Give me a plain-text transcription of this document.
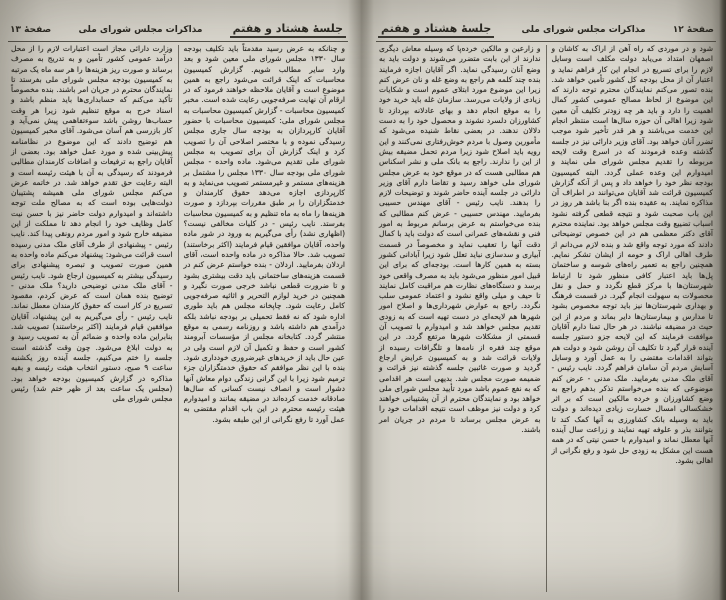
صفحهٔ ۱۲
مذاکرات مجلس شورای ملی
جلسهٔ هشتاد و هفتم
شود و در موردی که راه آهن از اراک به کاشان و اصفهان امتداد می‌یابد دولت مکلف است وسایل لازم را برای تسریع در انجام این کار فراهم نماید و اعتبار آن از محل بودجه کل کشور تأمین خواهد شد. بنده تصور می‌کنم نمایندگان محترم توجه دارند که این موضوع از لحاظ مصالح عمومی کشور کمال اهمیت را دارد و باید هر چه زودتر تکلیف آن معین شود زیرا اهالی آن حوزه سال‌ها است منتظر انجام این خدمت می‌باشند و هر قدر تأخیر شود موجب تضرر آنان خواهد بود. آقای وزیر دارائی نیز در جلسه گذشته وعده فرمودند که در اسرع وقت لایحه مربوطه را تقدیم مجلس شورای ملی نمایند و امیدوارم این وعده عملی گردد. البته کمیسیون بودجه نظر خود را خواهد داد و پس از آنکه گزارش کمیسیون قرائت شد آقایان می‌توانند در اطراف آن مذاکره نمایند. به عقیده بنده اگر بنا باشد هر روز در این باب صحبت شود و نتیجه قطعی گرفته نشود اسباب تضییع وقت مجلس خواهد بود. نماینده محترم آقای دکتر معظمی هم در این خصوص توضیحاتی دادند که مورد توجه واقع شد و بنده لازم می‌دانم از طرف اهالی اراک و حومه از ایشان تشکر نمایم. همچنین راجع به تعمیر راه‌های شوسه و ساختمان پل‌ها باید اعتبار کافی منظور شود تا ارتباط شهرستان‌ها با مرکز قطع نگردد و حمل و نقل محصولات به سهولت انجام گیرد. در قسمت فرهنگ و بهداری شهرستان‌ها نیز باید توجه مخصوص بشود تا مدارس و بیمارستان‌ها دایر بماند و مردم از این حیث در مضیقه نباشند. در هر حال تمنا دارم آقایان موافقت فرمایند که این لایحه جزو دستور جلسه آینده قرار گیرد تا تکلیف آن روشن شود و دولت هم بتواند اقدامات مقتضی را به عمل آورد و وسایل آسایش مردم آن سامان فراهم گردد. نایب رئیس - آقای ملک مدنی بفرمایید. ملک مدنی - عرض کنم موضوعی که بنده می‌خواستم تذکر بدهم راجع به وضع کشاورزان و خرده مالکین است که بر اثر خشکسالی امسال خسارت زیادی دیده‌اند و دولت باید به وسیله بانک کشاورزی به آنها کمک کند تا بتوانند بذر و علوفه تهیه نمایند و زراعت سال آینده آنها معطل نماند و امیدوارم با حسن نیتی که در همه هست این مشکل به زودی حل شود و رفع نگرانی از اهالی بشود.
و زارعین و مالکین خرده‌پا که وسیله معاش دیگری ندارند از این بابت متضرر می‌شوند و دولت باید به وضع آنان رسیدگی نماید. اگر آقایان اجازه فرمایند بنده چند کلمه هم راجع به وضع غله و نان عرض کنم زیرا این موضوع مورد ابتلای عموم است و شکایات زیادی از ولایات می‌رسد. سازمان غله باید خرید خود را به موقع انجام دهد و بهای عادلانه بپردازد تا کشاورزان دلسرد نشوند و محصول خود را به دست دلالان ندهند. در بعضی نقاط شنیده می‌شود که مأمورین وصول با مردم خوش‌رفتاری نمی‌کنند و این رویه باید اصلاح شود زیرا مردم تحمل مضیقه بیش از این را ندارند. راجع به بانک ملی و نشر اسکناس هم مطالبی هست که در موقع خود به عرض مجلس شورای ملی خواهد رسید و تقاضا دارم آقای وزیر دارائی در جلسه آینده حاضر شوند و توضیحات لازم را بدهند. نایب رئیس - آقای مهندس حسیبی بفرمایید. مهندس حسیبی - عرض کنم مطالبی که بنده می‌خواستم به عرض برسانم مربوط به امور فنی و نقشه‌های عمرانی است که دولت باید با کمال دقت آنها را تعقیب نماید و مخصوصاً در قسمت آبیاری و سدسازی نباید تعلل شود زیرا آبادانی کشور بسته به همین کارها است. بودجه‌ای که برای این قبیل امور منظور می‌شود باید به مصرف واقعی خود برسد و دستگاه‌های نظارت هم مراقبت کامل نمایند تا حیف و میلی واقع نشود و اعتماد عمومی سلب نگردد. راجع به عوارض شهرداری‌ها و اصلاح امور شهرها هم لایحه‌ای در دست تهیه است که به زودی تقدیم مجلس خواهد شد و امیدوارم با تصویب آن قسمتی از مشکلات شهرها مرتفع گردد. در این موقع چند فقره از نامه‌ها و تلگرافات رسیده از ولایات قرائت شد و به کمیسیون عرایض ارجاع گردید و صورت غائبین جلسه گذشته نیز قرائت و ضمیمه صورت مجلس شد. بدیهی است هر اقدامی که به نفع عموم باشد مورد تأیید مجلس شورای ملی خواهد بود و نمایندگان محترم از آن پشتیبانی خواهند کرد و دولت نیز موظف است نتیجه اقدامات خود را به عرض مجلس برساند تا مردم در جریان امر باشند.
جلسهٔ هشتاد و هفتم
مذاکرات مجلس شورای ملی
صفحهٔ ۱۳
و چنانکه به عرض رسید مقدمتاً باید تکلیف بودجه سال ۱۳۳۰ مجلس شورای ملی معین شود و بعد وارد سایر مطالب شویم. گزارش کمیسیون محاسبات که اینک قرائت می‌شود راجع به همین موضوع است و آقایان ملاحظه خواهند فرمود که در ارقام آن نهایت صرفه‌جویی رعایت شده است. مخبر کمیسیون محاسبات - گزارش کمیسیون محاسبات به مجلس شورای ملی: کمیسیون محاسبات با حضور آقایان کارپردازان به بودجه سال جاری مجلس رسیدگی نموده و با مختصر اصلاحی آن را تصویب کرد و اینک گزارش آن برای تصویب به مجلس شورای ملی تقدیم می‌شود. ماده واحده - مجلس شورای ملی بودجه سال ۱۳۳۰ مجلس را مشتمل بر هزینه‌های مستمر و غیرمستمر تصویب می‌نماید و به کارپردازی اجازه می‌دهد حقوق کارمندان و خدمتگزاران را بر طبق مقررات بپردازد و صورت هزینه‌ها را ماه به ماه تنظیم و به کمیسیون محاسبات بفرستد. نایب رئیس - در کلیات مخالفی نیست؟ (اظهاری نشد) رأی می‌گیریم به ورود در شور ماده واحده، آقایان موافقین قیام فرمایند (اکثر برخاستند) تصویب شد. حالا مذاکره در ماده واحده است، آقای اردلان بفرمایید. اردلان - بنده خواستم عرض کنم در قسمت هزینه‌های ساختمانی باید دقت بیشتری بشود و تا ضرورت قطعی نباشد خرجی صورت نگیرد و همچنین در خرید لوازم التحریر و اثاثیه صرفه‌جویی کامل رعایت شود. چاپخانه مجلس هم باید طوری اداره شود که نه فقط تحمیلی بر بودجه نباشد بلکه درآمدی هم داشته باشد و روزنامه رسمی به موقع منتشر گردد. کتابخانه مجلس از مؤسسات آبرومند کشور است و حفظ و تکمیل آن لازم است ولی در عین حال باید از خریدهای غیرضروری خودداری شود. بنده با این نظر موافقم که حقوق خدمتگزاران جزء ترمیم شود زیرا با این گرانی زندگی دوام معاش آنها دشوار است و انصاف نیست کسانی که سال‌ها صادقانه خدمت کرده‌اند در مضیقه بمانند و امیدوارم هیئت رئیسه محترم در این باب اقدام مقتضی به عمل آورد تا رفع نگرانی از این طبقه بشود.
وزارت دارائی مجاز است اعتبارات لازم را از محل درآمد عمومی کشور تأمین و به تدریج به مصرف برساند و صورت ریز هزینه‌ها را هر سه ماه یک مرتبه به کمیسیون بودجه مجلس شورای ملی بفرستد تا نمایندگان محترم در جریان امر باشند. بنده مخصوصاً تأکید می‌کنم که حسابداری‌ها باید منظم باشد و اسناد خرج به موقع تنظیم شود زیرا هر وقت حساب‌ها روشن باشد سوءتفاهمی پیش نمی‌آید و کار بازرسی هم آسان می‌شود. آقای مخبر کمیسیون هم توضیح دادند که این موضوع در نظامنامه پیش‌بینی شده و مورد عمل خواهد بود. بعضی از آقایان راجع به ترفیعات و اضافات کارمندان مطالبی فرمودند که رسیدگی به آن با هیئت رئیسه است و البته رعایت حق تقدم خواهد شد. در خاتمه عرض می‌کنم مجلس شورای ملی همیشه پشتیبان دولت‌هایی بوده است که به مصالح ملت توجه داشته‌اند و امیدوارم دولت حاضر نیز با حسن نیت کامل وظایف خود را انجام دهد تا مملکت از این مضیقه خارج شود و امور مردم رونقی پیدا کند. نایب رئیس - پیشنهادی از طرف آقای ملک مدنی رسیده است قرائت می‌شود: پیشنهاد می‌کنم ماده واحده به همین صورت تصویب و تبصره پیشنهادی برای رسیدگی بیشتر به کمیسیون ارجاع شود. نایب رئیس - آقای ملک مدنی توضیحی دارید؟ ملک مدنی - توضیح بنده همان است که عرض کردم، مقصود تسریع در کار است که حقوق کارمندان معطل نماند. نایب رئیس - رأی می‌گیریم به این پیشنهاد، آقایان موافقین قیام فرمایند (اکثر برخاستند) تصویب شد. بنابراین ماده واحده و ضمائم آن به تصویب رسید و به دولت ابلاغ می‌شود. چون وقت گذشته است جلسه را ختم می‌کنیم، جلسه آینده روز یکشنبه ساعت ۹ صبح، دستور انتخاب هیئت رئیسه و بقیه مذاکره در گزارش کمیسیون بودجه خواهد بود. (مجلس یک ساعت بعد از ظهر ختم شد) رئیس مجلس شورای ملی
